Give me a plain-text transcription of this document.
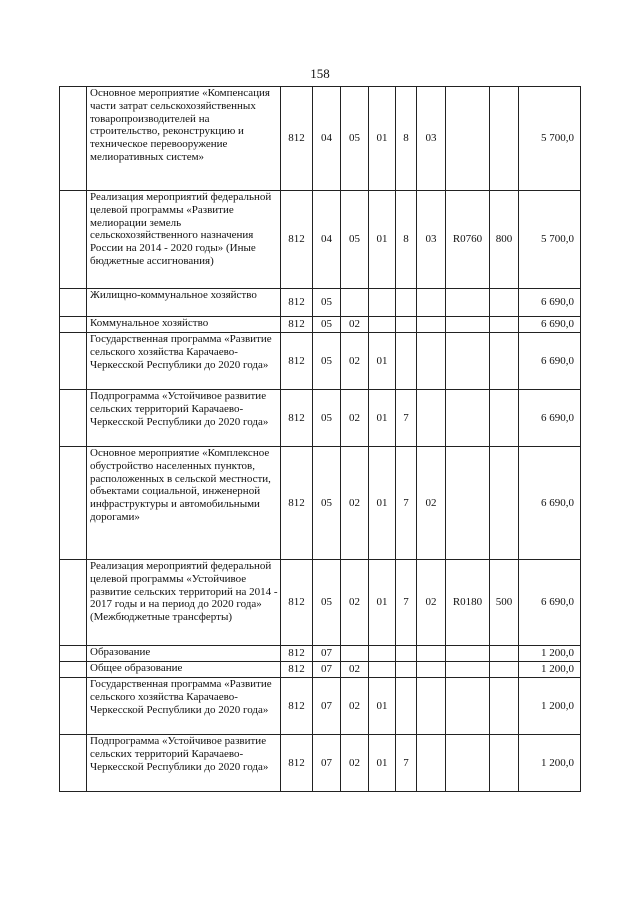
158
	Основное мероприятие «Компенсация части затрат сельскохозяйственных товаропроизводителей на строительство, реконструкцию и техническое перевооружение мелиоративных систем»	812	04	05	01	8	03			5 700,0
	Реализация мероприятий федеральной целевой программы «Развитие мелиорации земель сельскохозяйственного назначения России на 2014 - 2020 годы» (Иные бюджетные ассигнования)	812	04	05	01	8	03	R0760	800	5 700,0
	Жилищно-коммунальное хозяйство	812	05							6 690,0
	Коммунальное хозяйство	812	05	02						6 690,0
	Государственная программа «Развитие сельского хозяйства Карачаево-Черкесской Республики до 2020 года»	812	05	02	01					6 690,0
	Подпрограмма «Устойчивое развитие сельских территорий Карачаево-Черкесской Республики до 2020 года»	812	05	02	01	7				6 690,0
	Основное мероприятие «Комплексное обустройство населенных пунктов, расположенных в сельской местности, объектами социальной, инженерной инфраструктуры и автомобильными дорогами»	812	05	02	01	7	02			6 690,0
	Реализация мероприятий федеральной целевой программы «Устойчивое развитие сельских территорий на 2014 - 2017 годы и на период до 2020 года» (Межбюджетные трансферты)	812	05	02	01	7	02	R0180	500	6 690,0
	Образование	812	07							1 200,0
	Общее образование	812	07	02						1 200,0
	Государственная программа «Развитие сельского хозяйства Карачаево-Черкесской Республики до 2020 года»	812	07	02	01					1 200,0
	Подпрограмма «Устойчивое развитие сельских территорий Карачаево-Черкесской Республики до 2020 года»	812	07	02	01	7				1 200,0
